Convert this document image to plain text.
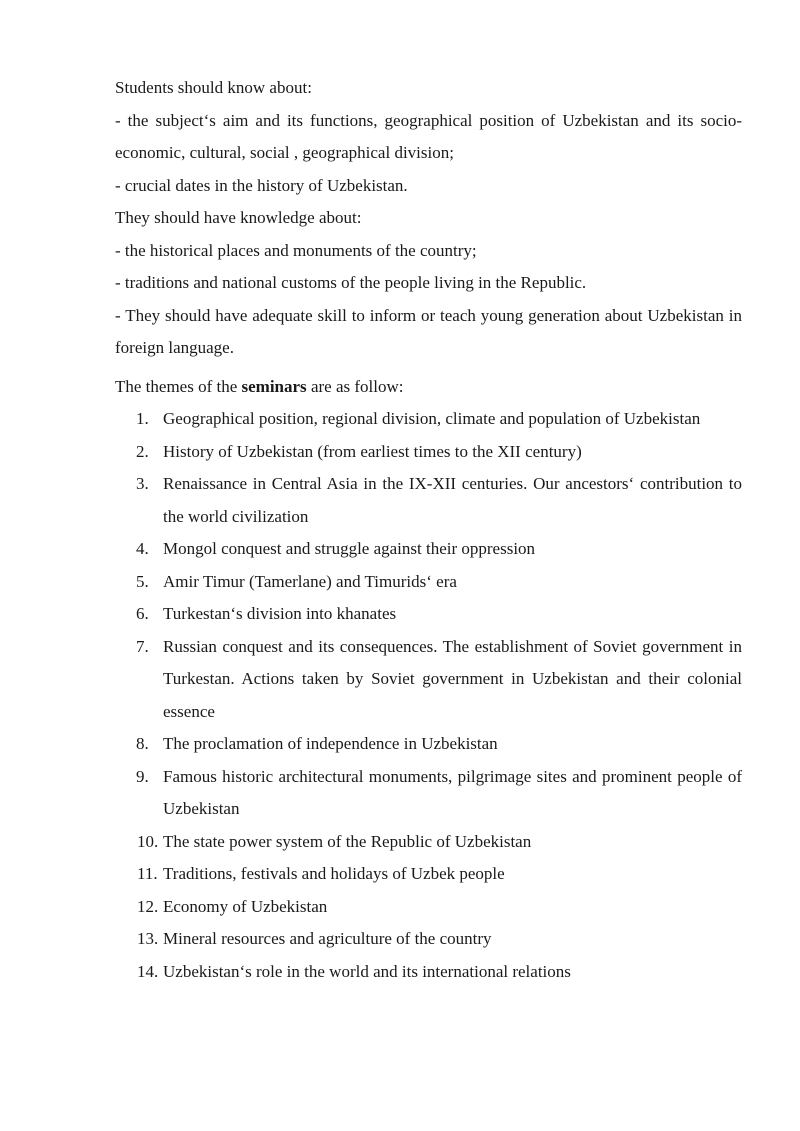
Students should know about:

- the subject‘s aim and its functions, geographical position of Uzbekistan and its socio-economic, cultural, social , geographical division;

- crucial dates in the history of Uzbekistan.

They should have knowledge about:

- the historical places and monuments of the country;

- traditions and national customs of the people living in the Republic.

- They should have adequate skill to inform or teach young generation about Uzbekistan in foreign language.

The themes of the seminars are as follow:

1. Geographical position, regional division, climate and population of Uzbekistan
2. History of Uzbekistan (from earliest times to the XII century)
3. Renaissance in Central Asia in the IX-XII centuries. Our ancestors‘ contribution to the world civilization
4. Mongol conquest and struggle against their oppression
5. Amir Timur (Tamerlane) and Timurids‘ era
6. Turkestan‘s division into khanates
7. Russian conquest and its consequences. The establishment of Soviet government in Turkestan. Actions taken by Soviet government in Uzbekistan and their colonial essence
8. The proclamation of independence in Uzbekistan
9. Famous historic architectural monuments, pilgrimage sites and prominent people of Uzbekistan
10. The state power system of the Republic of Uzbekistan
11. Traditions, festivals and holidays of Uzbek people
12. Economy of Uzbekistan
13. Mineral resources and agriculture of the country
14. Uzbekistan‘s role in the world and its international relations
